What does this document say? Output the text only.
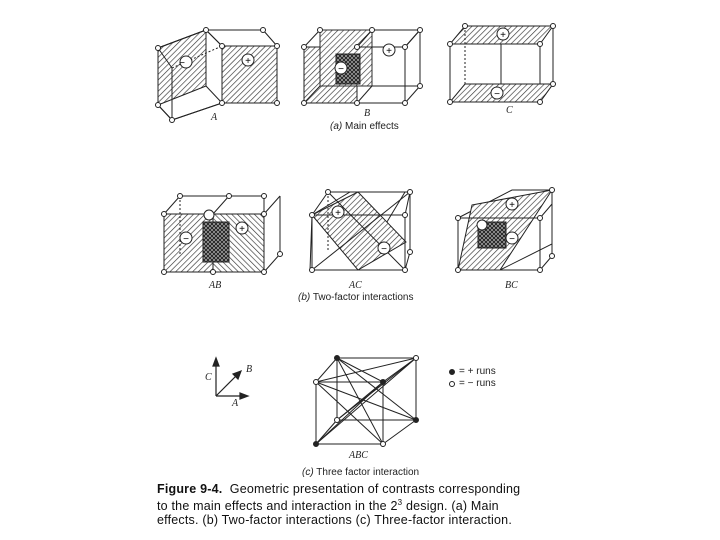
−	+
−
+
+
−
−
+
+
−
+
−
A	B	C
(a) Main effects
AB	AC	BC
(b) Two-factor interactions
C
B
A
= + runs
= − runs
ABC
(c) Three factor interaction
Figure 9-4. Geometric presentation of contrasts corresponding
to the main effects and interaction in the $2^3$ design. (a) Main
effects. (b) Two-factor interactions (c) Three-factor interaction.
